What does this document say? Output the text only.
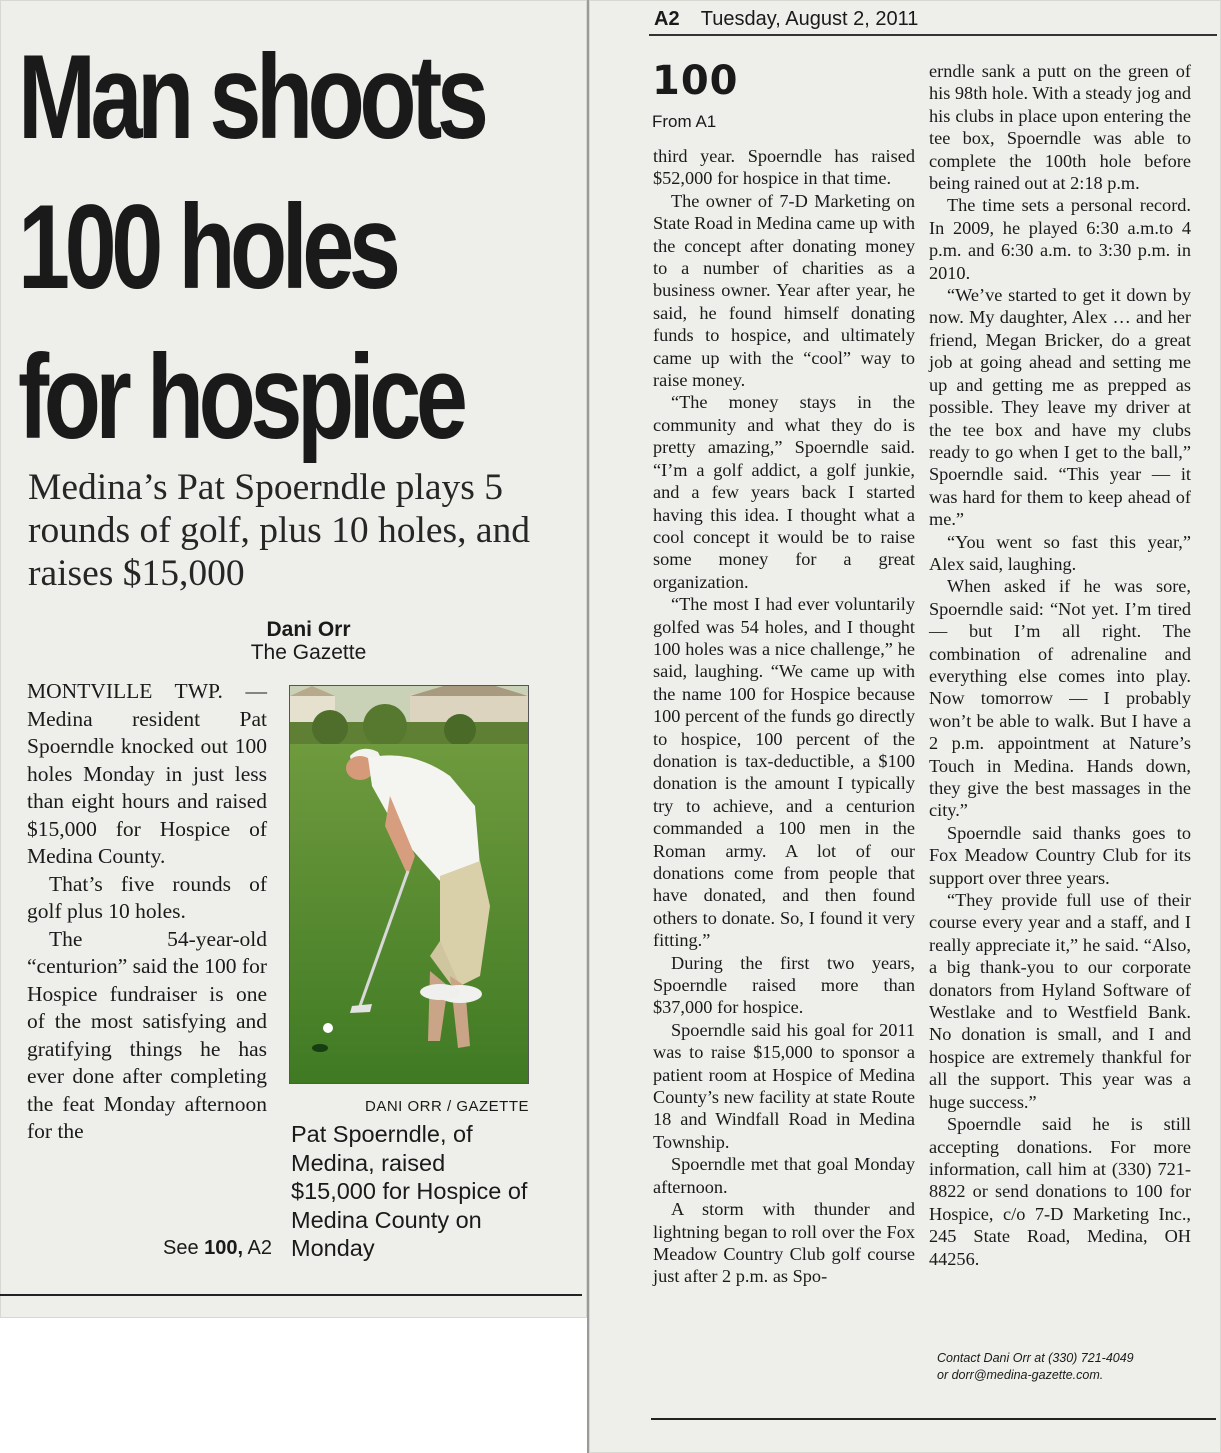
Man shoots
100 holes
for hospice
Medina’s Pat Spoerndle plays 5 rounds of golf, plus 10 holes, and raises $15,000
Dani Orr
The Gazette

MONTVILLE TWP. — Medina resident Pat Spoerndle knocked out 100 holes Monday in just less than eight hours and raised $15,000 for Hospice of Medina County.

That’s five rounds of golf plus 10 holes.

The 54-year-old “centurion” said the 100 for Hospice fundraiser is one of the most satisfying and gratifying things he has ever done after completing the feat Monday afternoon for the

See 100, A2
DANI ORR / GAZETTE
Pat Spoerndle, of Medina, raised $15,000 for Hospice of Medina County on Monday
A2 Tuesday, August 2, 2011
100
From A1

third year. Spoerndle has raised $52,000 for hospice in that time.

The owner of 7-D Marketing on State Road in Medina came up with the concept after donating money to a number of charities as a business owner. Year after year, he said, he found himself donating funds to hospice, and ultimately came up with the “cool” way to raise money.

“The money stays in the community and what they do is pretty amazing,” Spoerndle said. “I’m a golf addict, a golf junkie, and a few years back I started having this idea. I thought what a cool concept it would be to raise some money for a great organization.

“The most I had ever voluntarily golfed was 54 holes, and I thought 100 holes was a nice challenge,” he said, laughing. “We came up with the name 100 for Hospice because 100 percent of the funds go directly to hospice, 100 percent of the donation is tax-deductible, a $100 donation is the amount I typically try to achieve, and a centurion commanded a 100 men in the Roman army. A lot of our donations come from people that have donated, and then found others to donate. So, I found it very fitting.”

During the first two years, Spoerndle raised more than $37,000 for hospice.

Spoerndle said his goal for 2011 was to raise $15,000 to sponsor a patient room at Hospice of Medina County’s new facility at state Route 18 and Windfall Road in Medina Township.

Spoerndle met that goal Monday afternoon.

A storm with thunder and lightning began to roll over the Fox Meadow Country Club golf course just after 2 p.m. as Spo-

erndle sank a putt on the green of his 98th hole. With a steady jog and his clubs in place upon entering the tee box, Spoerndle was able to complete the 100th hole before being rained out at 2:18 p.m.

The time sets a personal record. In 2009, he played 6:30 a.m.to 4 p.m. and 6:30 a.m. to 3:30 p.m. in 2010.

“We’ve started to get it down by now. My daughter, Alex … and her friend, Megan Bricker, do a great job at going ahead and setting me up and getting me as prepped as possible. They leave my driver at the tee box and have my clubs ready to go when I get to the ball,” Spoerndle said. “This year — it was hard for them to keep ahead of me.”

“You went so fast this year,” Alex said, laughing.

When asked if he was sore, Spoerndle said: “Not yet. I’m tired — but I’m all right. The combination of adrenaline and everything else comes into play. Now tomorrow — I probably won’t be able to walk. But I have a 2 p.m. appointment at Nature’s Touch in Medina. Hands down, they give the best massages in the city.”

Spoerndle said thanks goes to Fox Meadow Country Club for its support over three years.

“They provide full use of their course every year and a staff, and I really appreciate it,” he said. “Also, a big thank-you to our corporate donators from Hyland Software of Westlake and to Westfield Bank. No donation is small, and I and hospice are extremely thankful for all the support. This year was a huge success.”

Spoerndle said he is still accepting donations. For more information, call him at (330) 721-8822 or send donations to 100 for Hospice, c/o 7-D Marketing Inc., 245 State Road, Medina, OH 44256.

Contact Dani Orr at (330) 721-4049
or dorr@medina-gazette.com.
